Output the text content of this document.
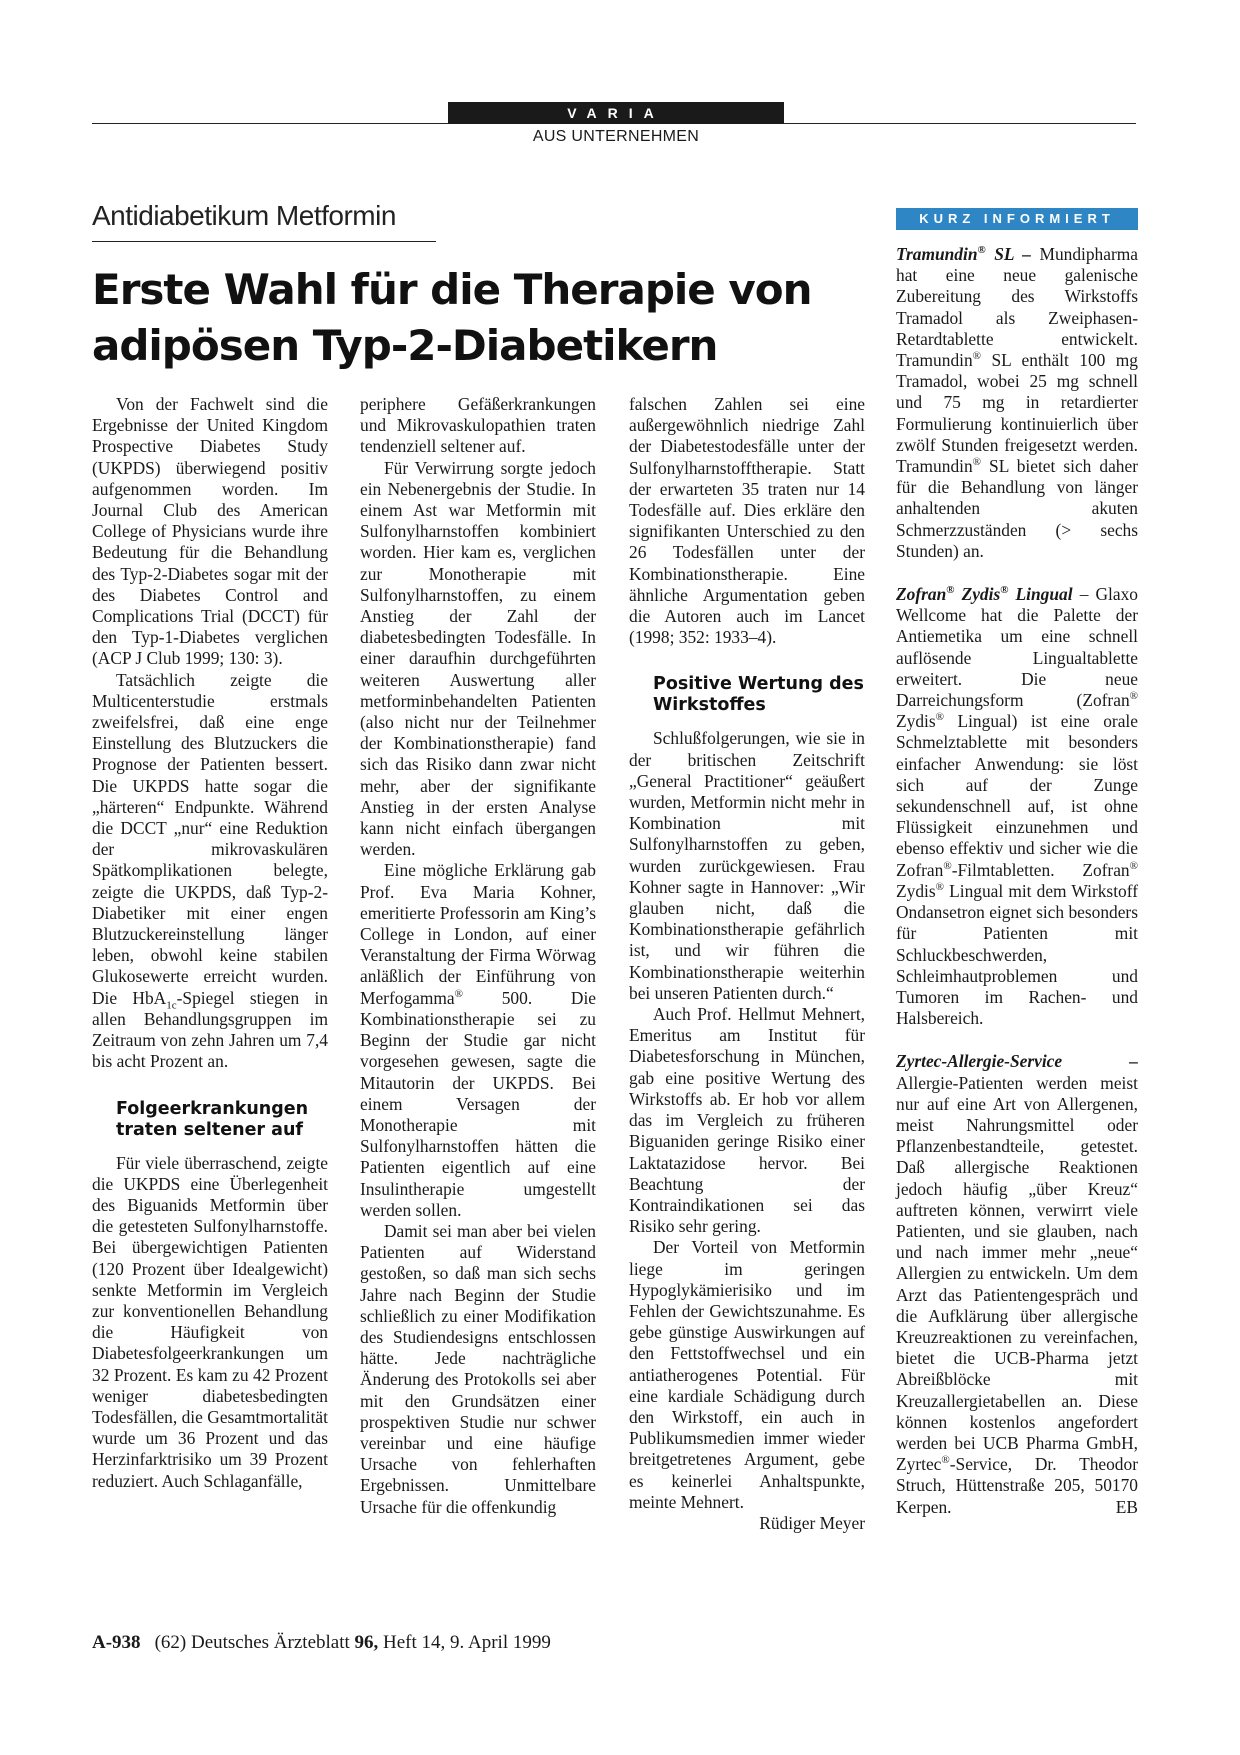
VARIA
AUS UNTERNEHMEN
Antidiabetikum Metformin
Erste Wahl für die Therapie von
adipösen Typ-2-Diabetikern

Von der Fachwelt sind die Ergebnisse der United Kingdom Prospective Diabetes Study (UKPDS) überwiegend positiv aufgenommen worden. Im Journal Club des American College of Physicians wurde ihre Bedeutung für die Behandlung des Typ-2-Diabetes sogar mit der des Diabetes Control and Complications Trial (DCCT) für den Typ-1-Diabetes verglichen (ACP J Club 1999; 130: 3).

Tatsächlich zeigte die Multicenterstudie erstmals zweifelsfrei, daß eine enge Einstellung des Blutzuckers die Prognose der Patienten bessert. Die UKPDS hatte sogar die „härteren“ Endpunkte. Während die DCCT „nur“ eine Reduktion der mikrovaskulären Spätkomplikationen belegte, zeigte die UKPDS, daß Typ-2-Diabetiker mit einer engen Blutzuckereinstellung länger leben, obwohl keine stabilen Glukosewerte erreicht wurden. Die HbA$_{1c}$-Spiegel stiegen in allen Behandlungsgruppen im Zeitraum von zehn Jahren um 7,4 bis acht Prozent an.

Folgeerkrankungen traten seltener auf

Für viele überraschend, zeigte die UKPDS eine Überlegenheit des Biguanids Metformin über die getesteten Sulfonylharnstoffe. Bei übergewichtigen Patienten (120 Prozent über Idealgewicht) senkte Metformin im Vergleich zur konventionellen Behandlung die Häufigkeit von Diabetesfolgeerkrankungen um 32 Prozent. Es kam zu 42 Prozent weniger diabetesbedingten Todesfällen, die Gesamtmortalität wurde um 36 Prozent und das Herzinfarktrisiko um 39 Prozent reduziert. Auch Schlaganfälle,

periphere Gefäßerkrankungen und Mikrovaskulopathien traten tendenziell seltener auf.

Für Verwirrung sorgte jedoch ein Nebenergebnis der Studie. In einem Ast war Metformin mit Sulfonylharnstoffen kombiniert worden. Hier kam es, verglichen zur Monotherapie mit Sulfonylharnstoffen, zu einem Anstieg der Zahl der diabetesbedingten Todesfälle. In einer daraufhin durchgeführten weiteren Auswertung aller metforminbehandelten Patienten (also nicht nur der Teilnehmer der Kombinationstherapie) fand sich das Risiko dann zwar nicht mehr, aber der signifikante Anstieg in der ersten Analyse kann nicht einfach übergangen werden.

Eine mögliche Erklärung gab Prof. Eva Maria Kohner, emeritierte Professorin am King’s College in London, auf einer Veranstaltung der Firma Wörwag anläßlich der Einführung von Merfogamma® 500. Die Kombinationstherapie sei zu Beginn der Studie gar nicht vorgesehen gewesen, sagte die Mitautorin der UKPDS. Bei einem Versagen der Monotherapie mit Sulfonylharnstoffen hätten die Patienten eigentlich auf eine Insulintherapie umgestellt werden sollen.

Damit sei man aber bei vielen Patienten auf Widerstand gestoßen, so daß man sich sechs Jahre nach Beginn der Studie schließlich zu einer Modifikation des Studiendesigns entschlossen hätte. Jede nachträgliche Änderung des Protokolls sei aber mit den Grundsätzen einer prospektiven Studie nur schwer vereinbar und eine häufige Ursache von fehlerhaften Ergebnissen. Unmittelbare Ursache für die offenkundig

falschen Zahlen sei eine außergewöhnlich niedrige Zahl der Diabetestodesfälle unter der Sulfonylharnstofftherapie. Statt der erwarteten 35 traten nur 14 Todesfälle auf. Dies erkläre den signifikanten Unterschied zu den 26 Todesfällen unter der Kombinationstherapie. Eine ähnliche Argumentation geben die Autoren auch im Lancet (1998; 352: 1933–4).

Positive Wertung des Wirkstoffes

Schlußfolgerungen, wie sie in der britischen Zeitschrift „General Practitioner“ geäußert wurden, Metformin nicht mehr in Kombination mit Sulfonylharnstoffen zu geben, wurden zurückgewiesen. Frau Kohner sagte in Hannover: „Wir glauben nicht, daß die Kombinationstherapie gefährlich ist, und wir führen die Kombinationstherapie weiterhin bei unseren Patienten durch.“

Auch Prof. Hellmut Mehnert, Emeritus am Institut für Diabetesforschung in München, gab eine positive Wertung des Wirkstoffs ab. Er hob vor allem das im Vergleich zu früheren Biguaniden geringe Risiko einer Laktatazidose hervor. Bei Beachtung der Kontraindikationen sei das Risiko sehr gering.

Der Vorteil von Metformin liege im geringen Hypoglykämierisiko und im Fehlen der Gewichtszunahme. Es gebe günstige Auswirkungen auf den Fettstoffwechsel und ein antiatherogenes Potential. Für eine kardiale Schädigung durch den Wirkstoff, ein auch in Publikumsmedien immer wieder breitgetretenes Argument, gebe es keinerlei Anhaltspunkte, meinte Mehnert.
Rüdiger Meyer

KURZ INFORMIERT

Tramundin® SL – Mundipharma hat eine neue galenische Zubereitung des Wirkstoffs Tramadol als Zweiphasen-Retardtablette entwickelt. Tramundin® SL enthält 100 mg Tramadol, wobei 25 mg schnell und 75 mg in retardierter Formulierung kontinuierlich über zwölf Stunden freigesetzt werden. Tramundin® SL bietet sich daher für die Behandlung von länger anhaltenden akuten Schmerzzuständen (> sechs Stunden) an.

Zofran® Zydis® Lingual – Glaxo Wellcome hat die Palette der Antiemetika um eine schnell auflösende Lingualtablette erweitert. Die neue Darreichungsform (Zofran® Zydis® Lingual) ist eine orale Schmelztablette mit besonders einfacher Anwendung: sie löst sich auf der Zunge sekundenschnell auf, ist ohne Flüssigkeit einzunehmen und ebenso effektiv und sicher wie die Zofran®-Filmtabletten. Zofran® Zydis® Lingual mit dem Wirkstoff Ondansetron eignet sich besonders für Patienten mit Schluckbeschwerden, Schleimhautproblemen und Tumoren im Rachen- und Halsbereich.

Zyrtec-Allergie-Service – Allergie-Patienten werden meist nur auf eine Art von Allergenen, meist Nahrungsmittel oder Pflanzenbestandteile, getestet. Daß allergische Reaktionen jedoch häufig „über Kreuz“ auftreten können, verwirrt viele Patienten, und sie glauben, nach und nach immer mehr „neue“ Allergien zu entwickeln. Um dem Arzt das Patientengespräch und die Aufklärung über allergische Kreuzreaktionen zu vereinfachen, bietet die UCB-Pharma jetzt Abreißblöcke mit Kreuzallergietabellen an. Diese können kostenlos angefordert werden bei UCB Pharma GmbH, Zyrtec®-Service, Dr. Theodor Struch, Hüttenstraße 205, 50170 Kerpen.	EB

A-938 (62) Deutsches Ärzteblatt 96, Heft 14, 9. April 1999
